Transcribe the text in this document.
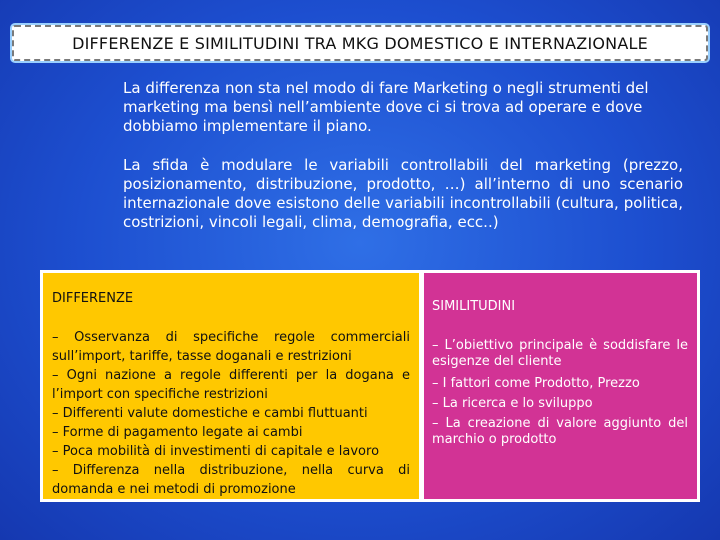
DIFFERENZE E SIMILITUDINI TRA MKG DOMESTICO E INTERNAZIONALE

La differenza non sta nel modo di fare Marketing o negli strumenti del marketing ma bensì nell’ambiente dove ci si trova ad operare e dove dobbiamo implementare il piano.

La sfida è modulare le variabili controllabili del marketing (prezzo, posizionamento, distribuzione, prodotto, …) all’interno di uno scenario internazionale dove esistono delle variabili incontrollabili (cultura, politica, costrizioni, vincoli legali, clima, demografia, ecc..)

DIFFERENZE

– Osservanza di specifiche regole commerciali sull’import, tariffe, tasse doganali e restrizioni

– Ogni nazione a regole differenti per la dogana e l’import con specifiche restrizioni

– Differenti valute domestiche e cambi fluttuanti

– Forme di pagamento legate ai cambi

– Poca mobilità di investimenti di capitale e lavoro

– Differenza nella distribuzione, nella curva di domanda e nei metodi di promozione

SIMILITUDINI

– L’obiettivo principale è soddisfare le esigenze del cliente

– I fattori come Prodotto, Prezzo

– La ricerca e lo sviluppo

– La creazione di valore aggiunto del marchio o prodotto
